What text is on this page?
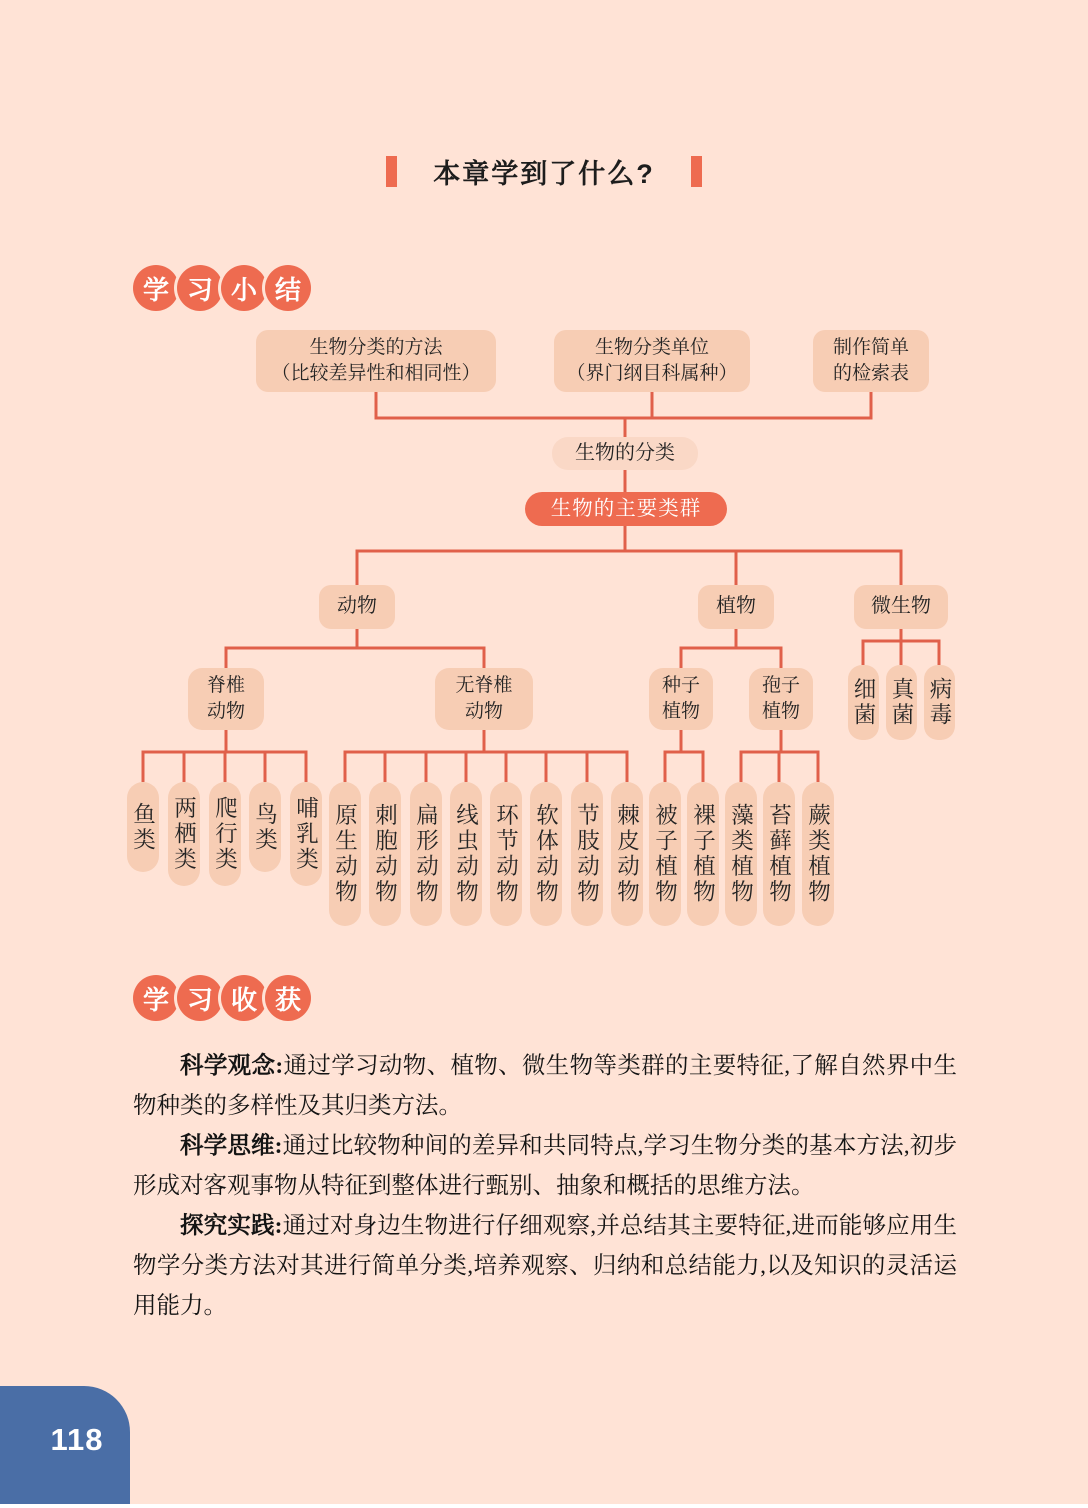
本章学到了什么?
学 习 小 结
生物分类的方法
（比较差异性和相同性）
生物分类单位
（界门纲目科属种）
制作简单
的检索表
生物的分类
生物的主要类群
动物	植物	微生物
脊椎
动物
无脊椎
动物
种子
植物
孢子
植物 细菌 真菌 病毒
鱼类 两栖类 爬行类 鸟类 哺乳类 原生动物 刺胞动物 扁形动物 线虫动物 环节动物 软体动物 节肢动物 棘皮动物 被子植物 裸子植物 藻类植物 苔藓植物 蕨类植物
学 习 收 获

科学观念:通过学习动物、植物、微生物等类群的主要特征,了解自然界中生物种类的多样性及其归类方法。

科学思维:通过比较物种间的差异和共同特点,学习生物分类的基本方法,初步形成对客观事物从特征到整体进行甄别、抽象和概括的思维方法。

探究实践:通过对身边生物进行仔细观察,并总结其主要特征,进而能够应用生物学分类方法对其进行简单分类,培养观察、归纳和总结能力,以及知识的灵活运用能力。

118
